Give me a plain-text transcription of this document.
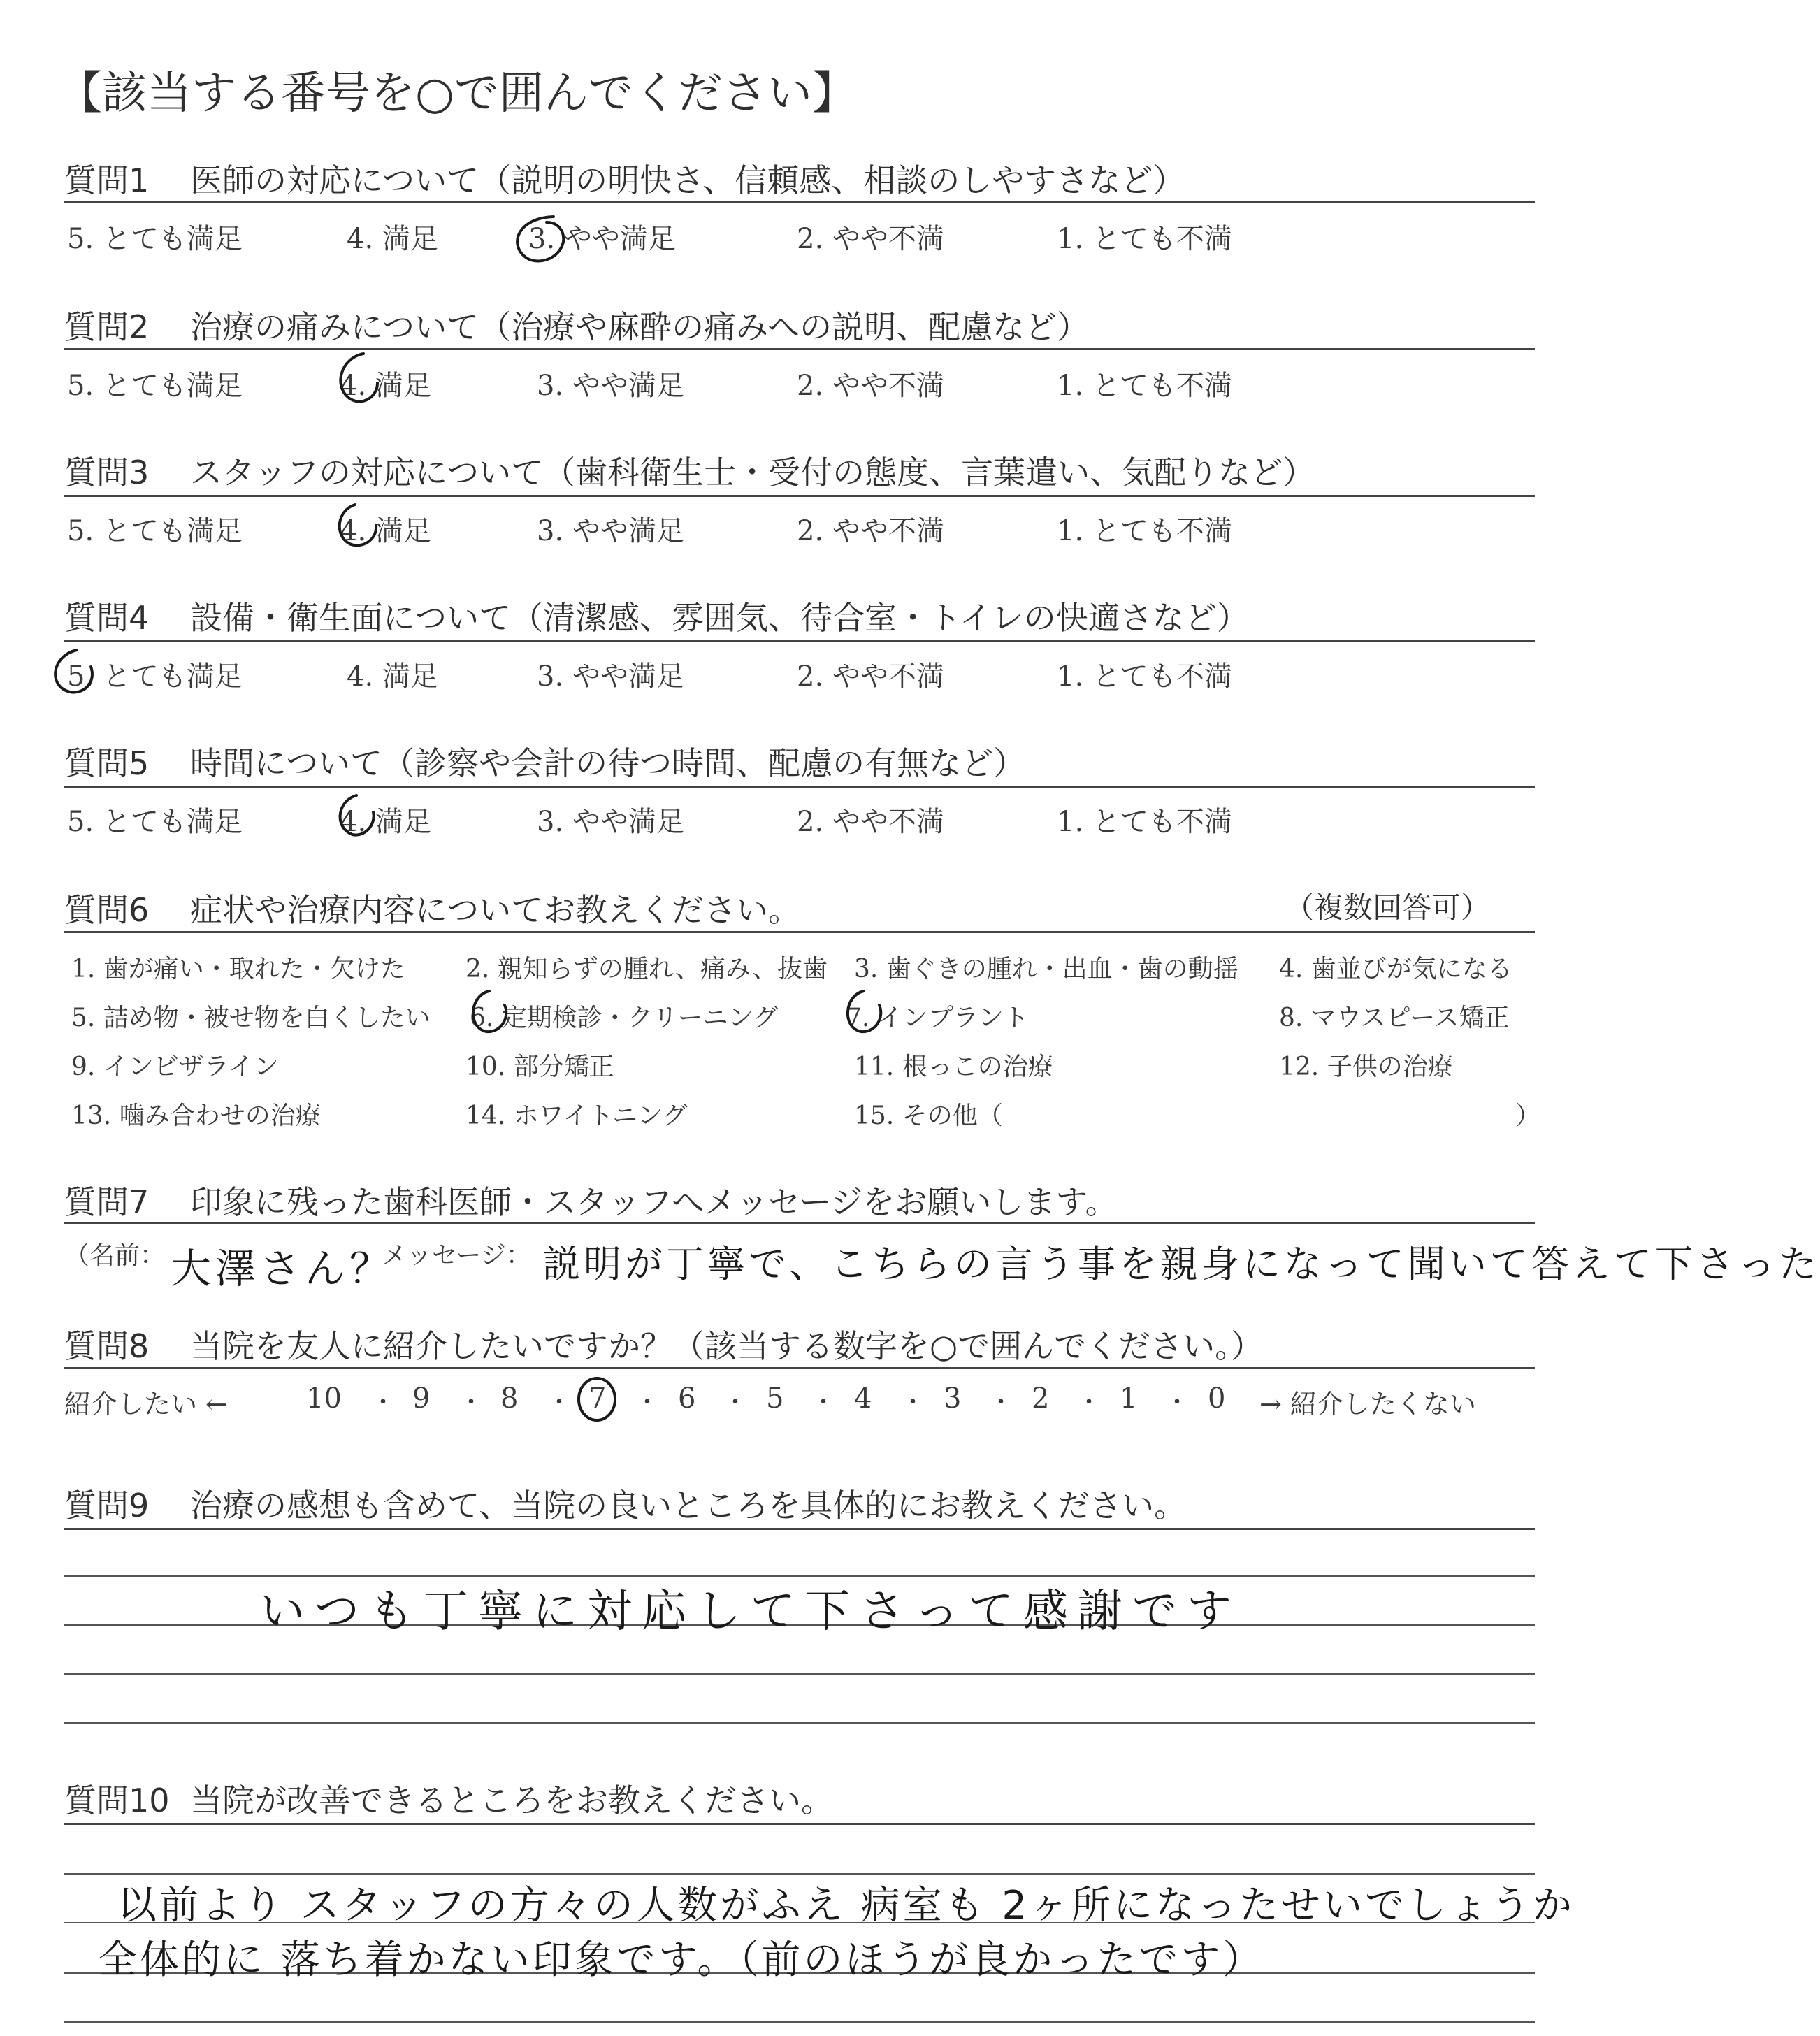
【該当する番号を○で囲んでください】
質問1 医師の対応について（説明の明快さ、信頼感、相談のしやすさなど）
5. とても満足	4. 満足	3. やや満足	2. やや不満	1. とても不満
質問2 治療の痛みについて（治療や麻酔の痛みへの説明、配慮など）
5. とても満足	4. 満足	3. やや満足	2. やや不満	1. とても不満
質問3 スタッフの対応について（歯科衛生士・受付の態度、言葉遣い、気配りなど）
5. とても満足	4. 満足	3. やや満足	2. やや不満	1. とても不満
質問4 設備・衛生面について（清潔感、雰囲気、待合室・トイレの快適さなど）
5. とても満足	4. 満足	3. やや満足	2. やや不満	1. とても不満
質問5 時間について（診察や会計の待つ時間、配慮の有無など）
5. とても満足	4. 満足	3. やや満足	2. やや不満	1. とても不満
質問6 症状や治療内容についてお教えください。	（複数回答可）
1. 歯が痛い・取れた・欠けた 2. 親知らずの腫れ、痛み、抜歯 3. 歯ぐきの腫れ・出血・歯の動揺 4. 歯並びが気になる
5. 詰め物・被せ物を白くしたい 6. 定期検診・クリーニング	7. インプラント	8. マウスピース矯正
9. インビザライン	10. 部分矯正	11. 根っこの治療	12. 子供の治療
13. 噛み合わせの治療	14. ホワイトニング	15. その他（	）
質問7 印象に残った歯科医師・スタッフへメッセージをお願いします。
（名前： 大澤さん？
メッセージ： 説明が丁寧で、こちらの言う事を親身になって聞いて答えて下さった
質問8 当院を友人に紹介したいですか？（該当する数字を○で囲んでください。）
紹介したい ←	10	9	8	7	6	5	4	3	2	1	0
・ ・ ・ ・ ・ ・	・ ・ ・ ・	→ 紹介したくない
質問9 治療の感想も含めて、当院の良いところを具体的にお教えください。
いつも丁寧に対応して下さって感謝です
質問10 当院が改善できるところをお教えください。
以前より スタッフの方々の人数がふえ 病室も 2ヶ所になったせいでしょうか
全体的に 落ち着かない印象です。（前のほうが良かったです）
